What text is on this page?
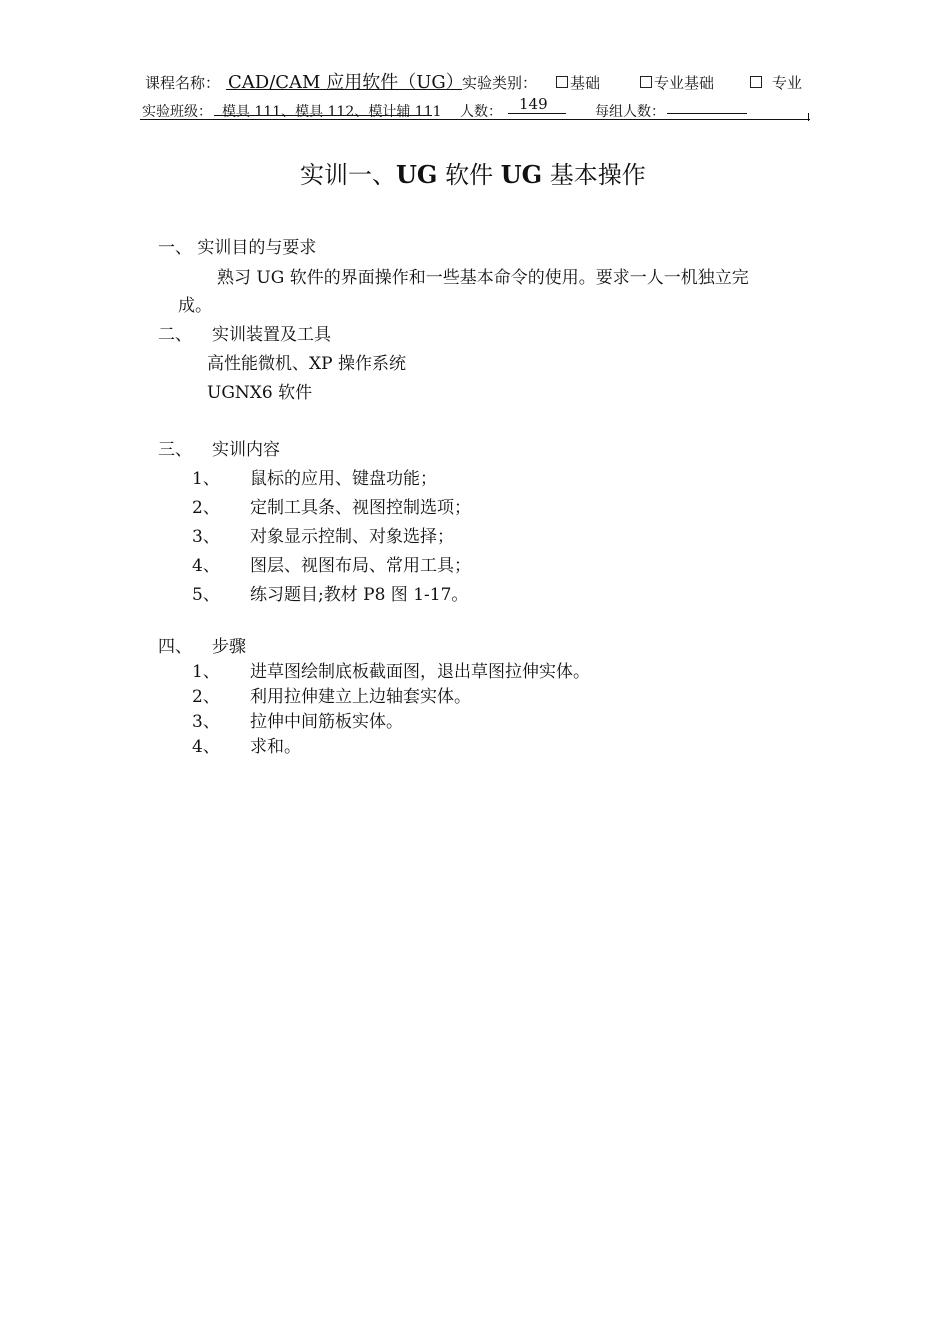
课程名称： CAD/CAM 应用软件（UG）
实验类别：	基础	专业基础	专业
实验班级： 模具 111、模具 112、模计辅 111 人数： 149	每组人数：
实训一、UG 软件 UG 基本操作
一、 实训目的与要求
熟习 UG 软件的界面操作和一些基本命令的使用。要求一人一机独立完
成。
二、 实训装置及工具
高性能微机、XP 操作系统
UGNX6 软件
三、 实训内容
1、 鼠标的应用、键盘功能；
2、 定制工具条、视图控制选项；
3、 对象显示控制、对象选择；
4、 图层、视图布局、常用工具；
5、 练习题目;教材 P8 图 1-17。
四、 步骤
1、 进草图绘制底板截面图，退出草图拉伸实体。
2、 利用拉伸建立上边轴套实体。
3、 拉伸中间筋板实体。
4、 求和。
